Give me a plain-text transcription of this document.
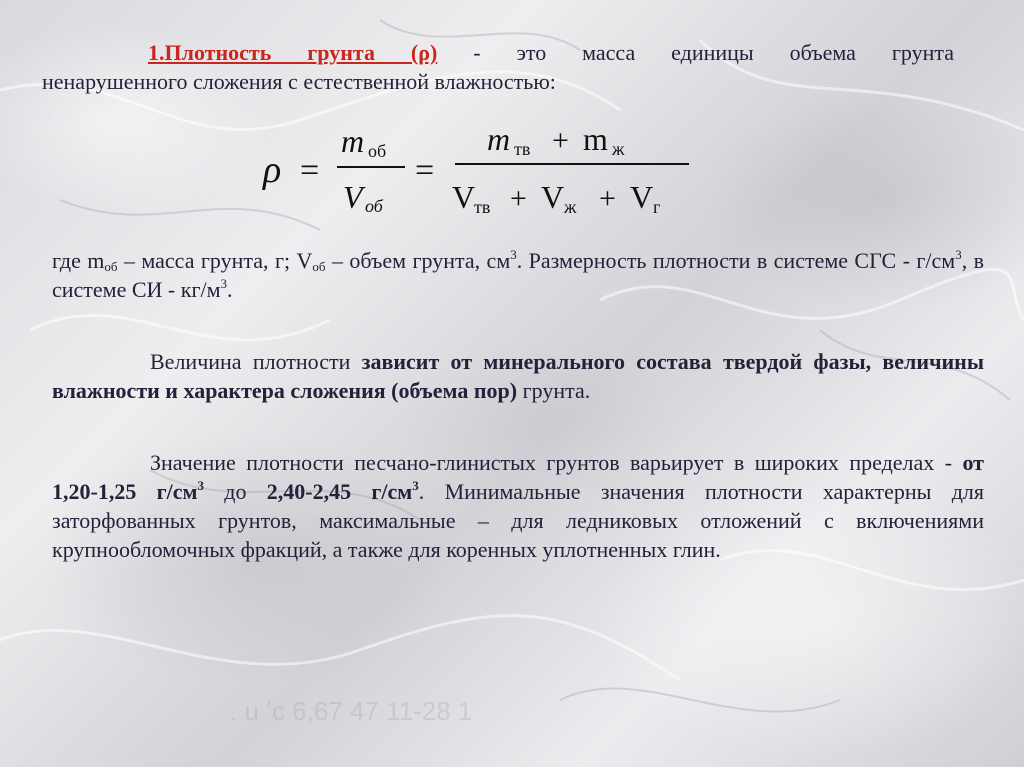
. u ʼc 6,67 47 11-28 1
1.Плотность грунта (ρ) - это масса единицы объема грунта
ненарушенного сложения с естественной влажностью:
ρ =
m об
V об
=
m тв + m ж
V
тв + V ж + V г
где $m_{об}$ – масса грунта, г; $V_{об}$ – объем грунта, $см^3$. Размерность плотности в системе СГС - $г/см^3$, в системе СИ - $кг/м^3$.
Величина плотности зависит от минерального состава твердой фазы, величины влажности и характера сложения (объема пор) грунта.
Значение плотности песчано-глинистых грунтов варьирует в широких пределах - от 1,20-1,25 $г/см^3$ до 2,40-2,45 $г/см^3$. Минимальные значения плотности характерны для заторфованных грунтов, максимальные – для ледниковых отложений с включениями крупнообломочных фракций, а также для коренных уплотненных глин.
